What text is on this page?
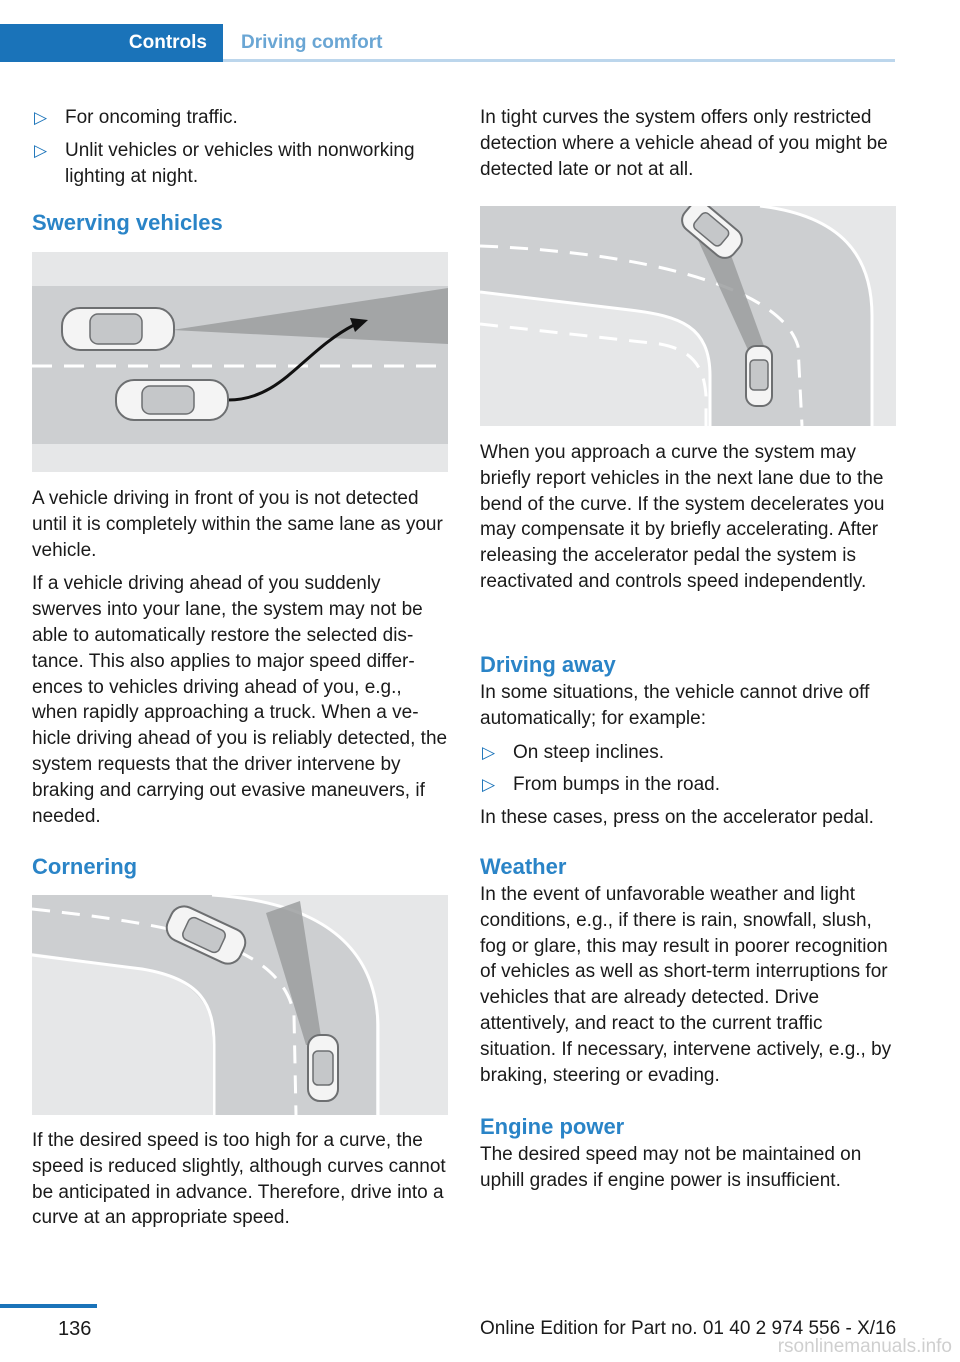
Controls	Driving comfort
▷ For oncoming traffic.
▷ Unlit vehicles or vehicles with nonworking lighting at night.
Swerving vehicles

A vehicle driving in front of you is not detected until it is completely within the same lane as your vehicle.

If a vehicle driving ahead of you suddenly swerves into your lane, the system may not be able to automatically restore the selected distance. This also applies to major speed differences to vehicles driving ahead of you, e.g., when rapidly approaching a truck. When a vehicle driving ahead of you is reliably detected, the system requests that the driver intervene by braking and carrying out evasive maneuvers, if needed.

Cornering

If the desired speed is too high for a curve, the speed is reduced slightly, although curves cannot be anticipated in advance. Therefore, drive into a curve at an appropriate speed.

In tight curves the system offers only restricted detection where a vehicle ahead of you might be detected late or not at all.

When you approach a curve the system may briefly report vehicles in the next lane due to the bend of the curve. If the system decelerates you may compensate it by briefly accelerating. After releasing the accelerator pedal the system is reactivated and controls speed independently.

Driving away

In some situations, the vehicle cannot drive off automatically; for example:

▷ On steep inclines.
▷ From bumps in the road.

In these cases, press on the accelerator pedal.

Weather

In the event of unfavorable weather and light conditions, e.g., if there is rain, snowfall, slush, fog or glare, this may result in poorer recognition of vehicles as well as short-term interruptions for vehicles that are already detected. Drive attentively, and react to the current traffic situation. If necessary, intervene actively, e.g., by braking, steering or evading.

Engine power

The desired speed may not be maintained on uphill grades if engine power is insufficient.

136	Online Edition for Part no. 01 40 2 974 556 - X/16
rsonlinemanuals.info
